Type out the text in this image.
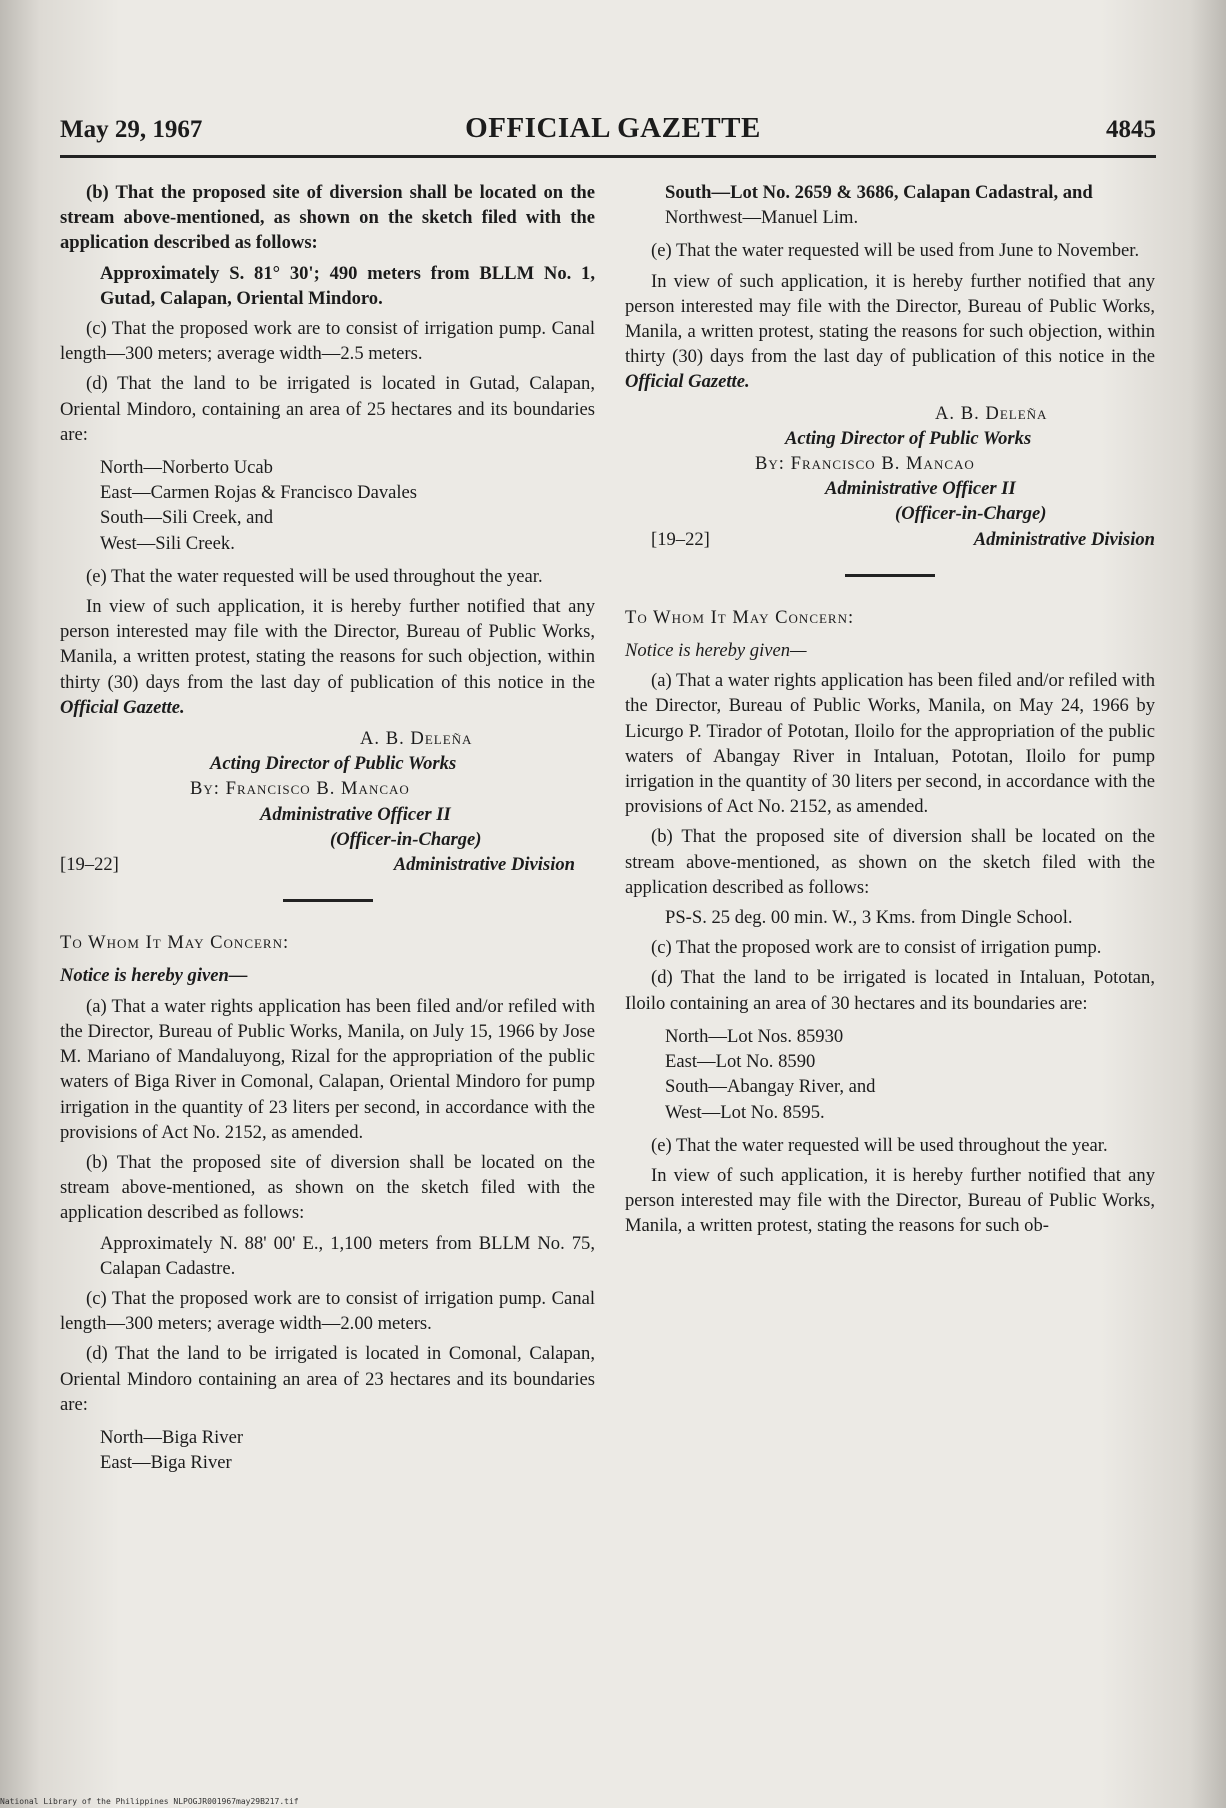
May 29, 1967	OFFICIAL GAZETTE	4845

(b) That the proposed site of diversion shall be located on the stream above-mentioned, as shown on the sketch filed with the application described as follows:

Approximately S. 81° 30'; 490 meters from BLLM No. 1, Gutad, Calapan, Oriental Mindoro.

(c) That the proposed work are to consist of irrigation pump. Canal length—300 meters; average width—2.5 meters.

(d) That the land to be irrigated is located in Gutad, Calapan, Oriental Mindoro, containing an area of 25 hectares and its boundaries are:

North—Norberto Ucab
East—Carmen Rojas & Francisco Davales
South—Sili Creek, and
West—Sili Creek.

(e) That the water requested will be used throughout the year.

In view of such application, it is hereby further notified that any person interested may file with the Director, Bureau of Public Works, Manila, a written protest, stating the reasons for such objection, within thirty (30) days from the last day of publication of this notice in the Official Gazette.

A. B. Deleña
Acting Director of Public Works
By: Francisco B. Mancao
Administrative Officer II
(Officer-in-Charge)
[19–22]	Administrative Division

To Whom It May Concern:

Notice is hereby given—

(a) That a water rights application has been filed and/or refiled with the Director, Bureau of Public Works, Manila, on July 15, 1966 by Jose M. Mariano of Mandaluyong, Rizal for the appropriation of the public waters of Biga River in Comonal, Calapan, Oriental Mindoro for pump irrigation in the quantity of 23 liters per second, in accordance with the provisions of Act No. 2152, as amended.

(b) That the proposed site of diversion shall be located on the stream above-mentioned, as shown on the sketch filed with the application described as follows:

Approximately N. 88' 00' E., 1,100 meters from BLLM No. 75, Calapan Cadastre.

(c) That the proposed work are to consist of irrigation pump. Canal length—300 meters; average width—2.00 meters.

(d) That the land to be irrigated is located in Comonal, Calapan, Oriental Mindoro containing an area of 23 hectares and its boundaries are:

North—Biga River
East—Biga River
South—Lot No. 2659 & 3686, Calapan Cadastral, and
Northwest—Manuel Lim.

(e) That the water requested will be used from June to November.

In view of such application, it is hereby further notified that any person interested may file with the Director, Bureau of Public Works, Manila, a written protest, stating the reasons for such objection, within thirty (30) days from the last day of publication of this notice in the Official Gazette.

A. B. Deleña
Acting Director of Public Works
By: Francisco B. Mancao
Administrative Officer II
(Officer-in-Charge)
[19–22]	Administrative Division

To Whom It May Concern:

Notice is hereby given—

(a) That a water rights application has been filed and/or refiled with the Director, Bureau of Public Works, Manila, on May 24, 1966 by Licurgo P. Tirador of Pototan, Iloilo for the appropriation of the public waters of Abangay River in Intaluan, Pototan, Iloilo for pump irrigation in the quantity of 30 liters per second, in accordance with the provisions of Act No. 2152, as amended.

(b) That the proposed site of diversion shall be located on the stream above-mentioned, as shown on the sketch filed with the application described as follows:

PS-S. 25 deg. 00 min. W., 3 Kms. from Dingle School.

(c) That the proposed work are to consist of irrigation pump.

(d) That the land to be irrigated is located in Intaluan, Pototan, Iloilo containing an area of 30 hectares and its boundaries are:

North—Lot Nos. 85930
East—Lot No. 8590
South—Abangay River, and
West—Lot No. 8595.

(e) That the water requested will be used throughout the year.

In view of such application, it is hereby further notified that any person interested may file with the Director, Bureau of Public Works, Manila, a written protest, stating the reasons for such ob-

National Library of the Philippines NLPOGJR001967may29B217.tif
